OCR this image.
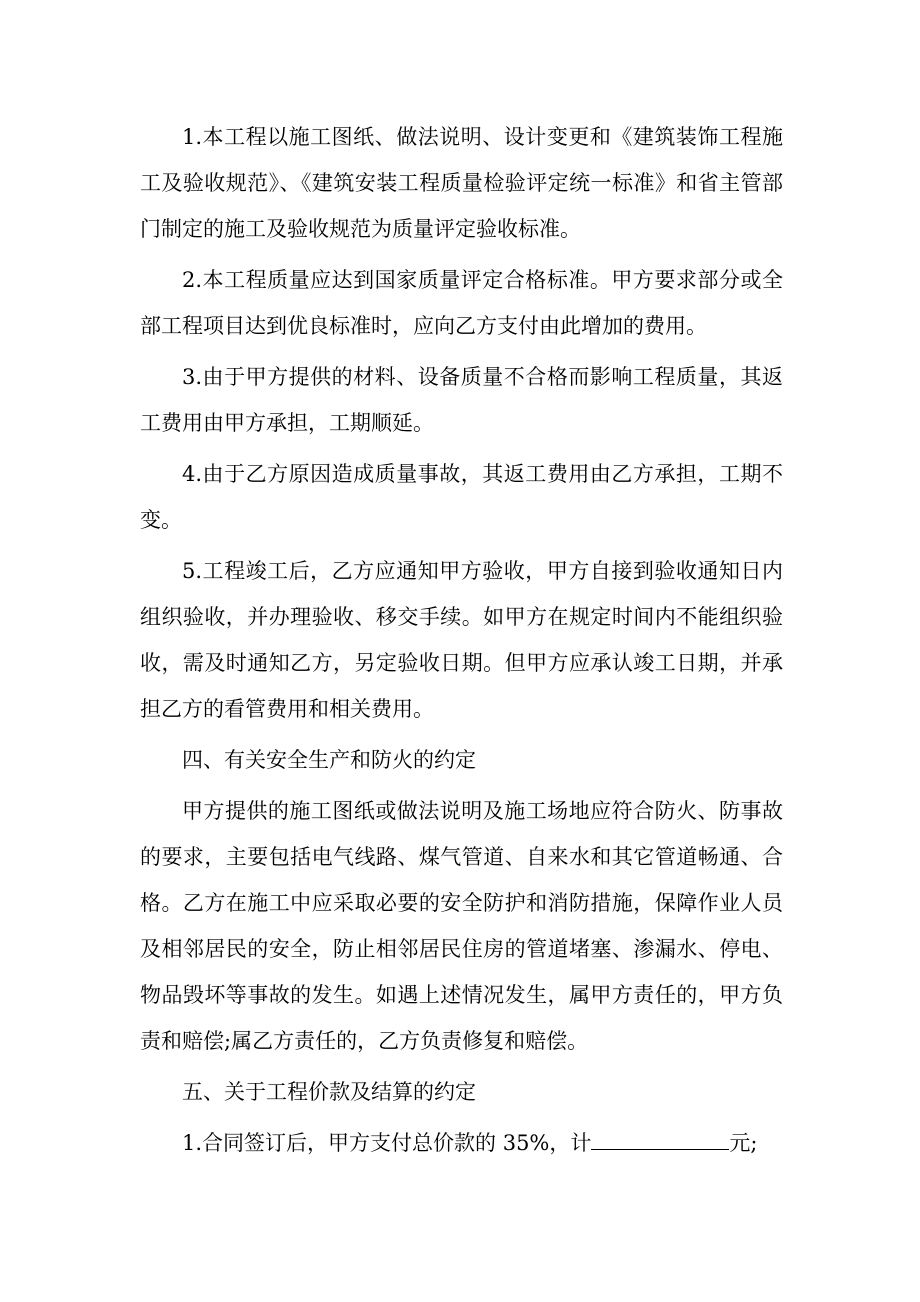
1.本工程以施工图纸、做法说明、设计变更和《建筑装饰工程施工及验收规范》、《建筑安装工程质量检验评定统一标准》和省主管部门制定的施工及验收规范为质量评定验收标准。

2.本工程质量应达到国家质量评定合格标准。甲方要求部分或全部工程项目达到优良标准时，应向乙方支付由此增加的费用。

3.由于甲方提供的材料、设备质量不合格而影响工程质量，其返工费用由甲方承担，工期顺延。

4.由于乙方原因造成质量事故，其返工费用由乙方承担，工期不变。

5.工程竣工后，乙方应通知甲方验收，甲方自接到验收通知日内组织验收，并办理验收、移交手续。如甲方在规定时间内不能组织验收，需及时通知乙方，另定验收日期。但甲方应承认竣工日期，并承担乙方的看管费用和相关费用。

四、有关安全生产和防火的约定

甲方提供的施工图纸或做法说明及施工场地应符合防火、防事故的要求，主要包括电气线路、煤气管道、自来水和其它管道畅通、合格。乙方在施工中应采取必要的安全防护和消防措施，保障作业人员及相邻居民的安全，防止相邻居民住房的管道堵塞、渗漏水、停电、物品毁坏等事故的发生。如遇上述情况发生，属甲方责任的，甲方负责和赔偿;属乙方责任的，乙方负责修复和赔偿。

五、关于工程价款及结算的约定

1.合同签订后，甲方支付总价款的 35%，计	元;
